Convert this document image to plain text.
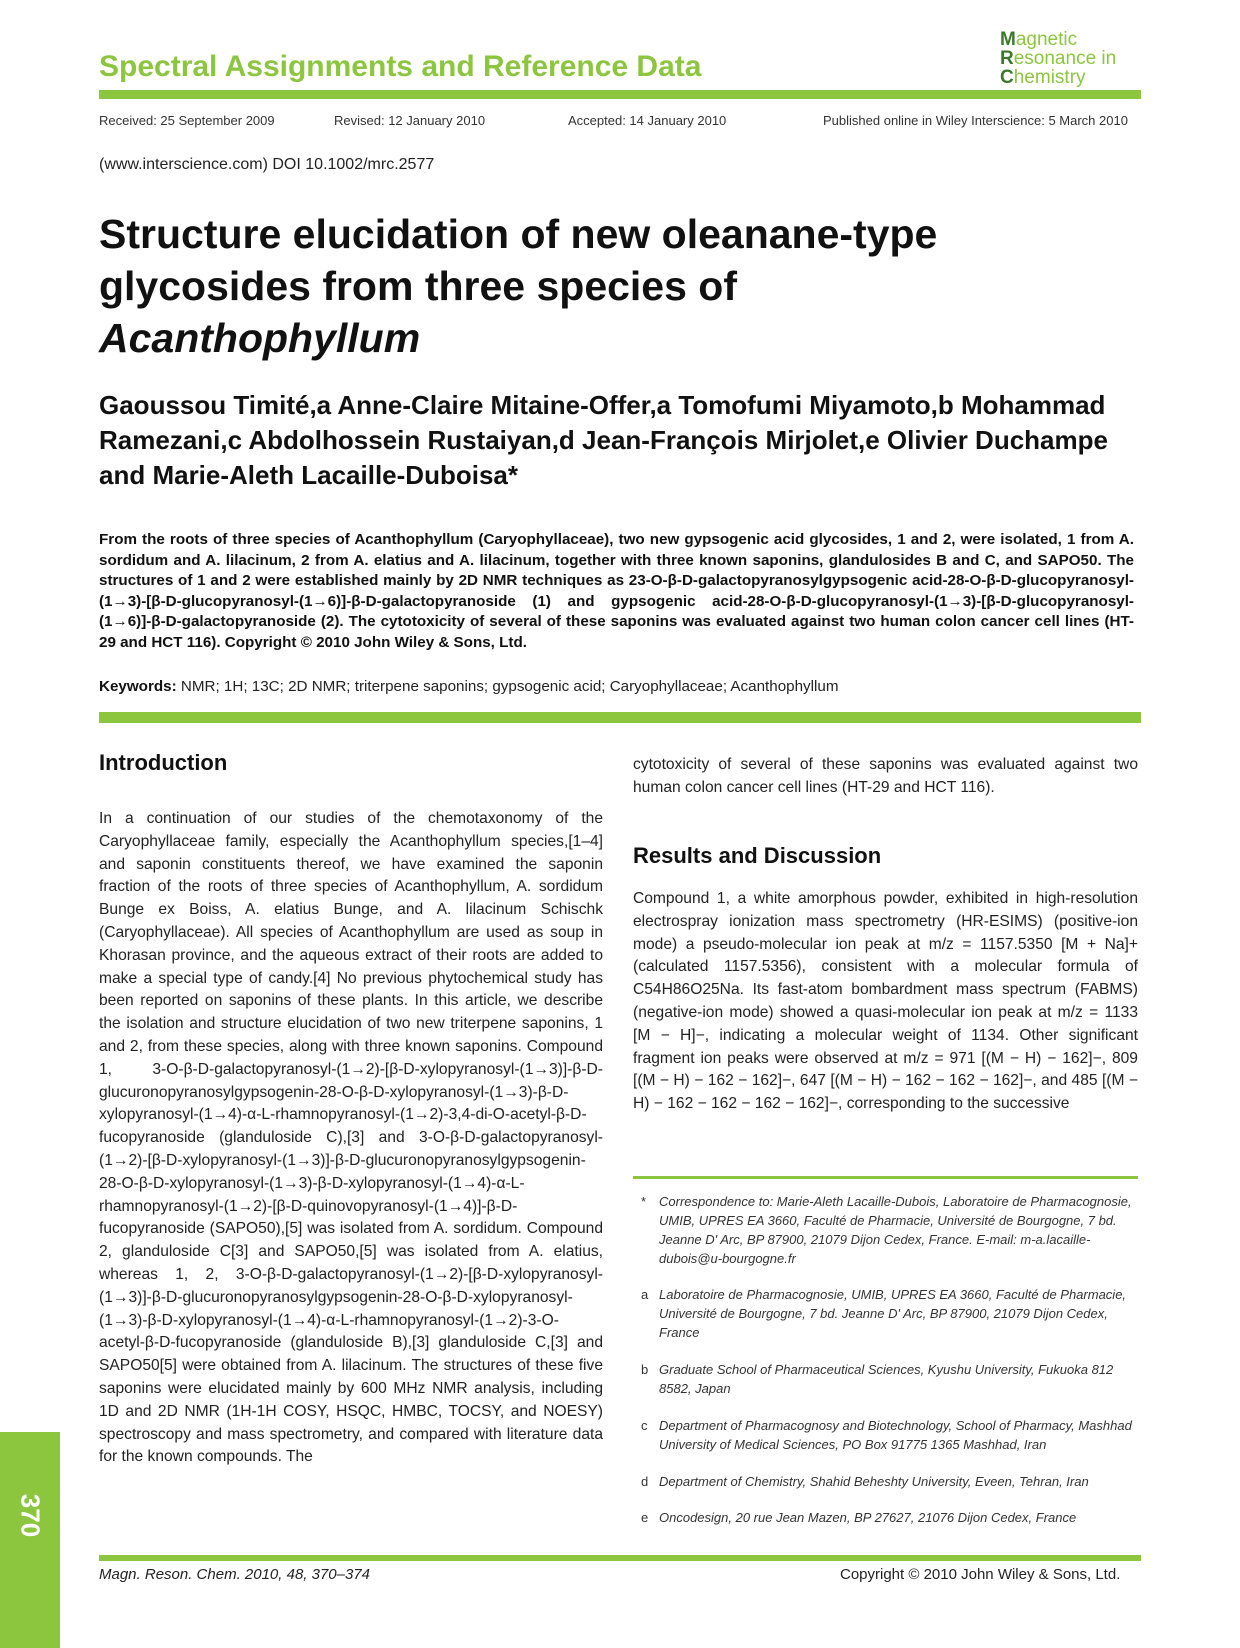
Spectral Assignments and Reference Data
Magnetic
Resonance in
Chemistry
Received: 25 September 2009	Revised: 12 January 2010	Accepted: 14 January 2010	Published online in Wiley Interscience: 5 March 2010
(www.interscience.com) DOI 10.1002/mrc.2577
Structure elucidation of new oleanane-type
glycosides from three species of
Acanthophyllum
Gaoussou Timité,a Anne-Claire Mitaine-Offer,a Tomofumi Miyamoto,b Mohammad Ramezani,c Abdolhossein Rustaiyan,d Jean-François Mirjolet,e Olivier Duchampe and Marie-Aleth Lacaille-Duboisa*
From the roots of three species of Acanthophyllum (Caryophyllaceae), two new gypsogenic acid glycosides, 1 and 2, were isolated, 1 from A. sordidum and A. lilacinum, 2 from A. elatius and A. lilacinum, together with three known saponins, glandulosides B and C, and SAPO50. The structures of 1 and 2 were established mainly by 2D NMR techniques as 23-O-β-D-galactopyranosylgypsogenic acid-28-O-β-D-glucopyranosyl-(1→3)-[β-D-glucopyranosyl-(1→6)]-β-D-galactopyranoside (1) and gypsogenic acid-28-O-β-D-glucopyranosyl-(1→3)-[β-D-glucopyranosyl-(1→6)]-β-D-galactopyranoside (2). The cytotoxicity of several of these saponins was evaluated against two human colon cancer cell lines (HT-29 and HCT 116). Copyright © 2010 John Wiley & Sons, Ltd.
Keywords: NMR; 1H; 13C; 2D NMR; triterpene saponins; gypsogenic acid; Caryophyllaceae; Acanthophyllum
Introduction
In a continuation of our studies of the chemotaxonomy of the Caryophyllaceae family, especially the Acanthophyllum species,[1–4] and saponin constituents thereof, we have examined the saponin fraction of the roots of three species of Acanthophyllum, A. sordidum Bunge ex Boiss, A. elatius Bunge, and A. lilacinum Schischk (Caryophyllaceae). All species of Acanthophyllum are used as soup in Khorasan province, and the aqueous extract of their roots are added to make a special type of candy.[4] No previous phytochemical study has been reported on saponins of these plants. In this article, we describe the isolation and structure elucidation of two new triterpene saponins, 1 and 2, from these species, along with three known saponins. Compound 1, 3-O-β-D-galactopyranosyl-(1→2)-[β-D-xylopyranosyl-(1→3)]-β-D-glucuronopyranosylgypsogenin-28-O-β-D-xylopyranosyl-(1→3)-β-D-xylopyranosyl-(1→4)-α-L-rhamnopyranosyl-(1→2)-3,4-di-O-acetyl-β-D-fucopyranoside (glanduloside C),[3] and 3-O-β-D-galactopyranosyl-(1→2)-[β-D-xylopyranosyl-(1→3)]-β-D-glucuronopyranosylgypsogenin-28-O-β-D-xylopyranosyl-(1→3)-β-D-xylopyranosyl-(1→4)-α-L-rhamnopyranosyl-(1→2)-[β-D-quinovopyranosyl-(1→4)]-β-D-fucopyranoside (SAPO50),[5] was isolated from A. sordidum. Compound 2, glanduloside C[3] and SAPO50,[5] was isolated from A. elatius, whereas 1, 2, 3-O-β-D-galactopyranosyl-(1→2)-[β-D-xylopyranosyl-(1→3)]-β-D-glucuronopyranosylgypsogenin-28-O-β-D-xylopyranosyl-(1→3)-β-D-xylopyranosyl-(1→4)-α-L-rhamnopyranosyl-(1→2)-3-O-acetyl-β-D-fucopyranoside (glanduloside B),[3] glanduloside C,[3] and SAPO50[5] were obtained from A. lilacinum. The structures of these five saponins were elucidated mainly by 600 MHz NMR analysis, including 1D and 2D NMR (1H-1H COSY, HSQC, HMBC, TOCSY, and NOESY) spectroscopy and mass spectrometry, and compared with literature data for the known compounds. The
cytotoxicity of several of these saponins was evaluated against two human colon cancer cell lines (HT-29 and HCT 116).
Results and Discussion
Compound 1, a white amorphous powder, exhibited in high-resolution electrospray ionization mass spectrometry (HR-ESIMS) (positive-ion mode) a pseudo-molecular ion peak at m/z = 1157.5350 [M + Na]+ (calculated 1157.5356), consistent with a molecular formula of C54H86O25Na. Its fast-atom bombardment mass spectrum (FABMS) (negative-ion mode) showed a quasi-molecular ion peak at m/z = 1133 [M − H]−, indicating a molecular weight of 1134. Other significant fragment ion peaks were observed at m/z = 971 [(M − H) − 162]−, 809 [(M − H) − 162 − 162]−, 647 [(M − H) − 162 − 162 − 162]−, and 485 [(M − H) − 162 − 162 − 162 − 162]−, corresponding to the successive
* Correspondence to: Marie-Aleth Lacaille-Dubois, Laboratoire de Pharmacognosie, UMIB, UPRES EA 3660, Faculté de Pharmacie, Université de Bourgogne, 7 bd. Jeanne D' Arc, BP 87900, 21079 Dijon Cedex, France. E-mail: m-a.lacaille-dubois@u-bourgogne.fr
a Laboratoire de Pharmacognosie, UMIB, UPRES EA 3660, Faculté de Pharmacie, Université de Bourgogne, 7 bd. Jeanne D' Arc, BP 87900, 21079 Dijon Cedex, France
b Graduate School of Pharmaceutical Sciences, Kyushu University, Fukuoka 812 8582, Japan
c Department of Pharmacognosy and Biotechnology, School of Pharmacy, Mashhad University of Medical Sciences, PO Box 91775 1365 Mashhad, Iran
d Department of Chemistry, Shahid Beheshty University, Eveen, Tehran, Iran
e Oncodesign, 20 rue Jean Mazen, BP 27627, 21076 Dijon Cedex, France
370
Magn. Reson. Chem. 2010, 48, 370–374	Copyright © 2010 John Wiley & Sons, Ltd.
